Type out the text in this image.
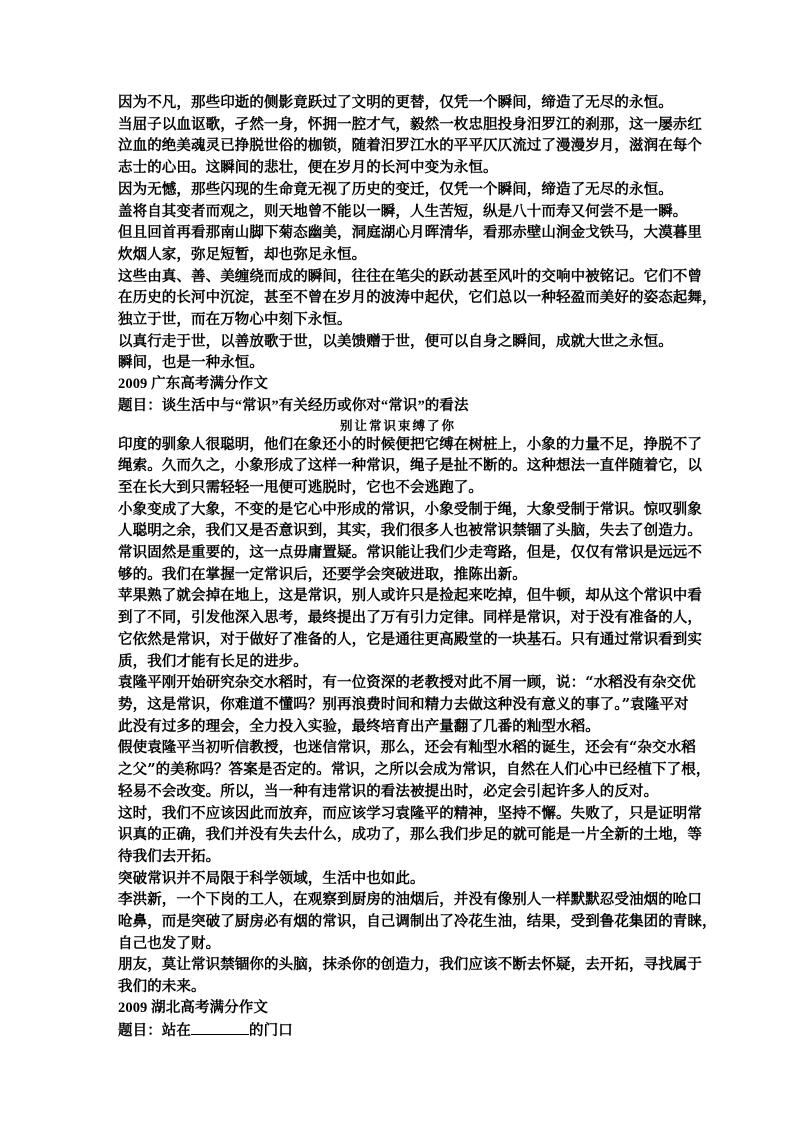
因为不凡，那些印逝的侧影竟跃过了文明的更替，仅凭一个瞬间，缔造了无尽的永恒。
当屈子以血讴歌，孑然一身，怀拥一腔才气，毅然一枚忠胆投身汨罗江的刹那，这一屡赤红
泣血的绝美魂灵已挣脱世俗的枷锁，随着汨罗江水的平平仄仄流过了漫漫岁月，滋润在每个
志士的心田。这瞬间的悲壮，便在岁月的长河中变为永恒。
因为无憾，那些闪现的生命竟无视了历史的变迁，仅凭一个瞬间，缔造了无尽的永恒。
盖将自其变者而观之，则天地曾不能以一瞬，人生苦短，纵是八十而寿又何尝不是一瞬。
但且回首再看那南山脚下菊态幽美，洞庭湖心月晖清华，看那赤壁山涧金戈铁马，大漠暮里
炊烟人家，弥足短暂，却也弥足永恒。
这些由真、善、美缠绕而成的瞬间，往往在笔尖的跃动甚至风叶的交响中被铭记。它们不曾
在历史的长河中沉淀，甚至不曾在岁月的波涛中起伏，它们总以一种轻盈而美好的姿态起舞，
独立于世，而在万物心中刻下永恒。
以真行走于世，以善放歌于世，以美馈赠于世，便可以自身之瞬间，成就大世之永恒。
瞬间，也是一种永恒。
2009 广东高考满分作文
题目：谈生活中与“常识”有关经历或你对“常识”的看法
别让常识束缚了你
印度的驯象人很聪明，他们在象还小的时候便把它缚在树桩上，小象的力量不足，挣脱不了
绳索。久而久之，小象形成了这样一种常识，绳子是扯不断的。这种想法一直伴随着它，以
至在长大到只需轻轻一甩便可逃脱时，它也不会逃跑了。
小象变成了大象，不变的是它心中形成的常识，小象受制于绳，大象受制于常识。惊叹驯象
人聪明之余，我们又是否意识到，其实，我们很多人也被常识禁锢了头脑，失去了创造力。
常识固然是重要的，这一点毋庸置疑。常识能让我们少走弯路，但是，仅仅有常识是远远不
够的。我们在掌握一定常识后，还要学会突破进取，推陈出新。
苹果熟了就会掉在地上，这是常识，别人或许只是捡起来吃掉，但牛顿，却从这个常识中看
到了不同，引发他深入思考，最终提出了万有引力定律。同样是常识，对于没有准备的人，
它依然是常识，对于做好了准备的人，它是通往更高殿堂的一块基石。只有通过常识看到实
质，我们才能有长足的进步。
袁隆平刚开始研究杂交水稻时，有一位资深的老教授对此不屑一顾，说：“水稻没有杂交优
势，这是常识，你难道不懂吗？别再浪费时间和精力去做这种没有意义的事了。”袁隆平对
此没有过多的理会，全力投入实验，最终培育出产量翻了几番的籼型水稻。
假使袁隆平当初听信教授，也迷信常识，那么，还会有籼型水稻的诞生，还会有“杂交水稻
之父”的美称吗？答案是否定的。常识，之所以会成为常识，自然在人们心中已经植下了根，
轻易不会改变。所以，当一种有违常识的看法被提出时，必定会引起许多人的反对。
这时，我们不应该因此而放弃，而应该学习袁隆平的精神，坚持不懈。失败了，只是证明常
识真的正确，我们并没有失去什么，成功了，那么我们步足的就可能是一片全新的土地，等
待我们去开拓。
突破常识并不局限于科学领域，生活中也如此。
李洪新，一个下岗的工人，在观察到厨房的油烟后，并没有像别人一样默默忍受油烟的呛口
呛鼻，而是突破了厨房必有烟的常识，自己调制出了冷花生油，结果，受到鲁花集团的青睐，
自己也发了财。
朋友，莫让常识禁锢你的头脑，抹杀你的创造力，我们应该不断去怀疑，去开拓，寻找属于
我们的未来。
2009 湖北高考满分作文
题目：站在	的门口
